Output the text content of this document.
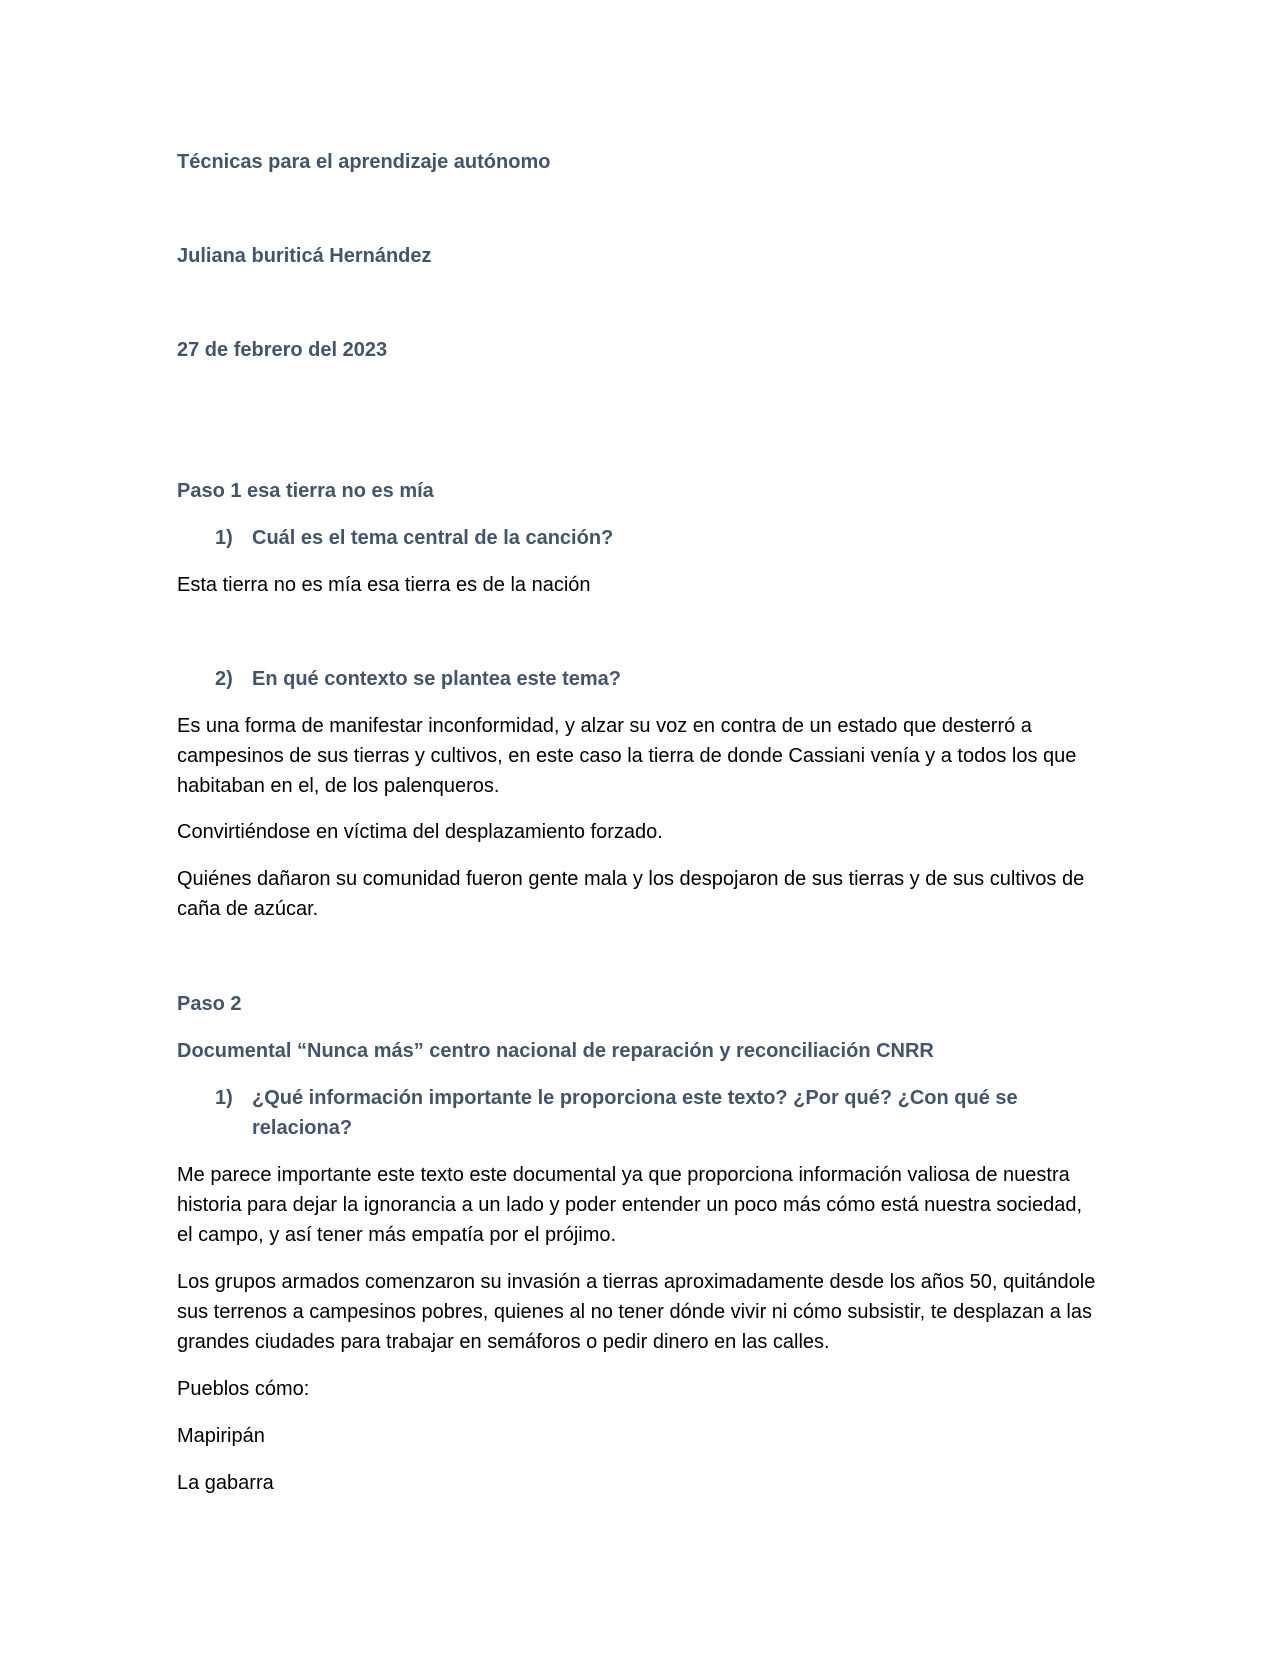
Técnicas para el aprendizaje autónomo

Juliana buriticá Hernández

27 de febrero del 2023

Paso 1 esa tierra no es mía

1) Cuál es el tema central de la canción?

Esta tierra no es mía esa tierra es de la nación

2) En qué contexto se plantea este tema?

Es una forma de manifestar inconformidad, y alzar su voz en contra de un estado que desterró a campesinos de sus tierras y cultivos, en este caso la tierra de donde Cassiani venía y a todos los que habitaban en el, de los palenqueros.

Convirtiéndose en víctima del desplazamiento forzado.

Quiénes dañaron su comunidad fueron gente mala y los despojaron de sus tierras y de sus cultivos de caña de azúcar.

Paso 2

Documental “Nunca más” centro nacional de reparación y reconciliación CNRR

1) ¿Qué información importante le proporciona este texto? ¿Por qué? ¿Con qué se relaciona?

Me parece importante este texto este documental ya que proporciona información valiosa de nuestra historia para dejar la ignorancia a un lado y poder entender un poco más cómo está nuestra sociedad, el campo, y así tener más empatía por el prójimo.

Los grupos armados comenzaron su invasión a tierras aproximadamente desde los años 50, quitándole sus terrenos a campesinos pobres, quienes al no tener dónde vivir ni cómo subsistir, te desplazan a las grandes ciudades para trabajar en semáforos o pedir dinero en las calles.

Pueblos cómo:

Mapiripán

La gabarra
